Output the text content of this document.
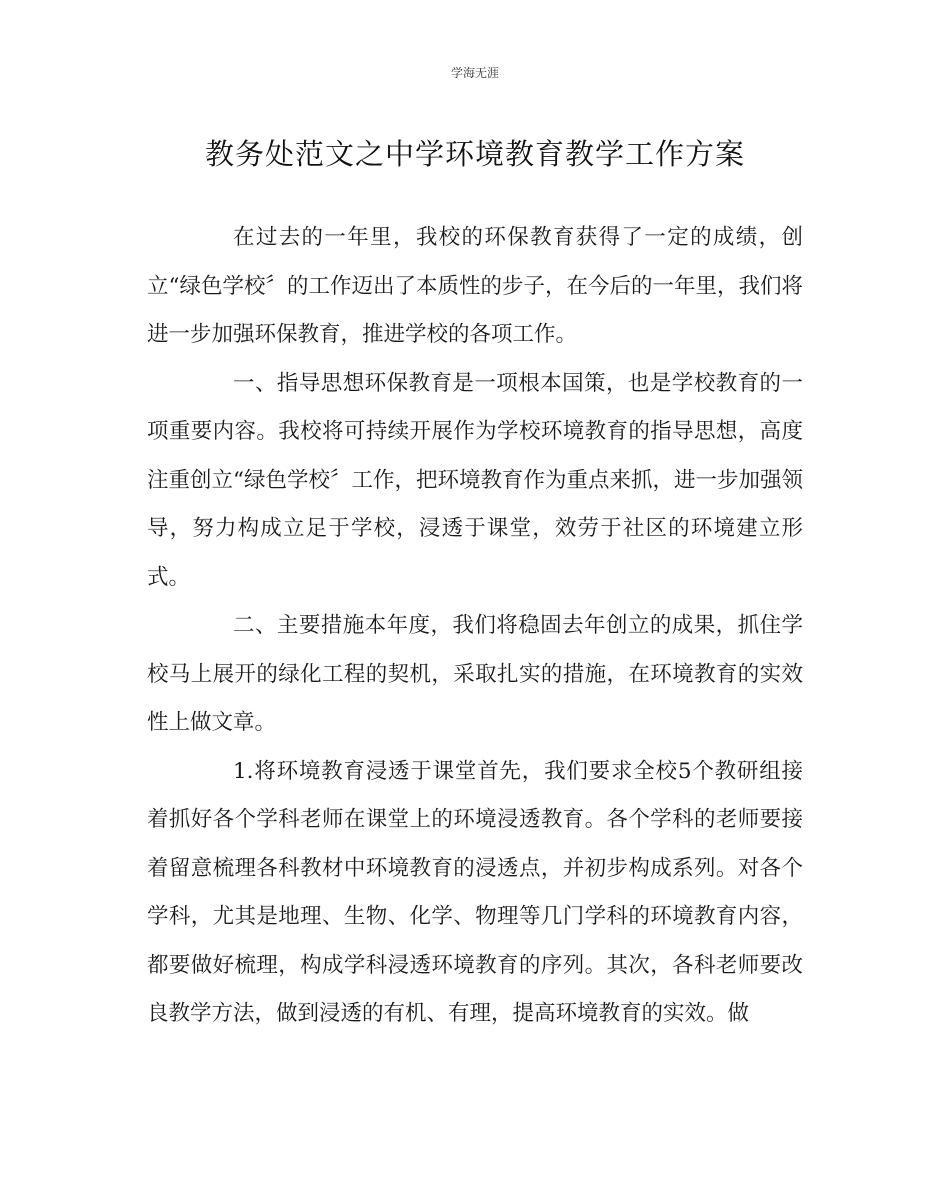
学海无涯
教务处范文之中学环境教育教学工作方案

在过去的一年里，我校的环保教育获得了一定的成绩，创立“绿色学校〞的工作迈出了本质性的步子，在今后的一年里，我们将进一步加强环保教育，推进学校的各项工作。

一、指导思想环保教育是一项根本国策，也是学校教育的一项重要内容。我校将可持续开展作为学校环境教育的指导思想，高度注重创立“绿色学校〞工作，把环境教育作为重点来抓，进一步加强领导，努力构成立足于学校，浸透于课堂，效劳于社区的环境建立形式。

二、主要措施本年度，我们将稳固去年创立的成果，抓住学校马上展开的绿化工程的契机，采取扎实的措施，在环境教育的实效性上做文章。

1.将环境教育浸透于课堂首先，我们要求全校5个教研组接着抓好各个学科老师在课堂上的环境浸透教育。各个学科的老师要接着留意梳理各科教材中环境教育的浸透点，并初步构成系列。对各个学科，尤其是地理、生物、化学、物理等几门学科的环境教育内容，都要做好梳理，构成学科浸透环境教育的序列。其次，各科老师要改良教学方法，做到浸透的有机、有理，提高环境教育的实效。做
